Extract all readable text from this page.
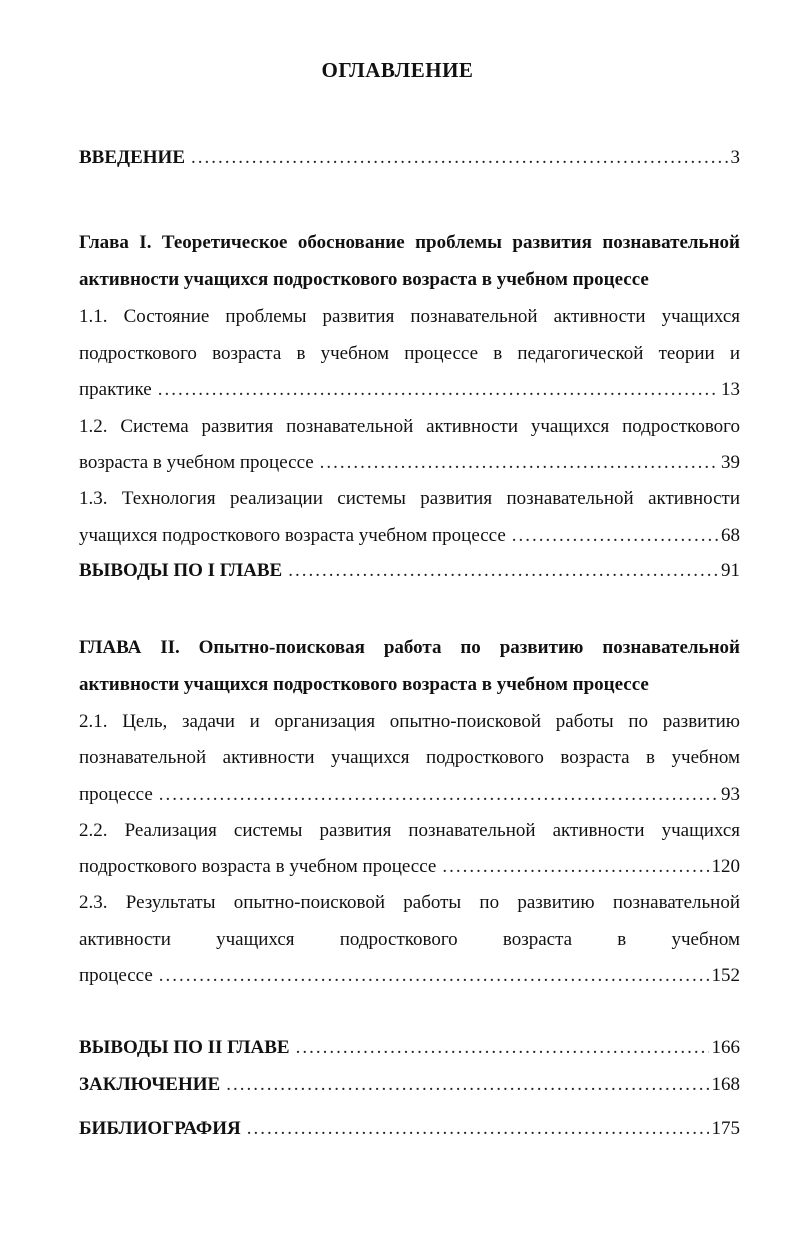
ОГЛАВЛЕНИЕ
ВВЕДЕНИЕ .....	3
Глава I. Теоретическое обоснование проблемы развития познавательной
активности учащихся подросткового возраста в учебном процессе
1.1. Состояние проблемы развития познавательной активности учащихся
подросткового возраста в учебном процессе в педагогической теории и
практике .....	13
1.2. Система развития познавательной активности учащихся подросткового
возраста в учебном процессе .....	39
1.3. Технология реализации системы развития познавательной активности
учащихся подросткового возраста учебном процессе .....	68
ВЫВОДЫ ПО I ГЛАВЕ .....	91
ГЛАВА II. Опытно-поисковая работа по развитию познавательной
активности учащихся подросткового возраста в учебном процессе
2.1. Цель, задачи и организация опытно-поисковой работы по развитию
познавательной активности учащихся подросткового возраста в учебном
процессе .....	93
2.2. Реализация системы развития познавательной активности учащихся
подросткового возраста в учебном процессе .....	120
2.3. Результаты опытно-поисковой работы по развитию познавательной
активности учащихся подросткового возраста в учебном
процессе .....	152
ВЫВОДЫ ПО II ГЛАВЕ .....	166
ЗАКЛЮЧЕНИЕ .....	168
БИБЛИОГРАФИЯ .....	175
